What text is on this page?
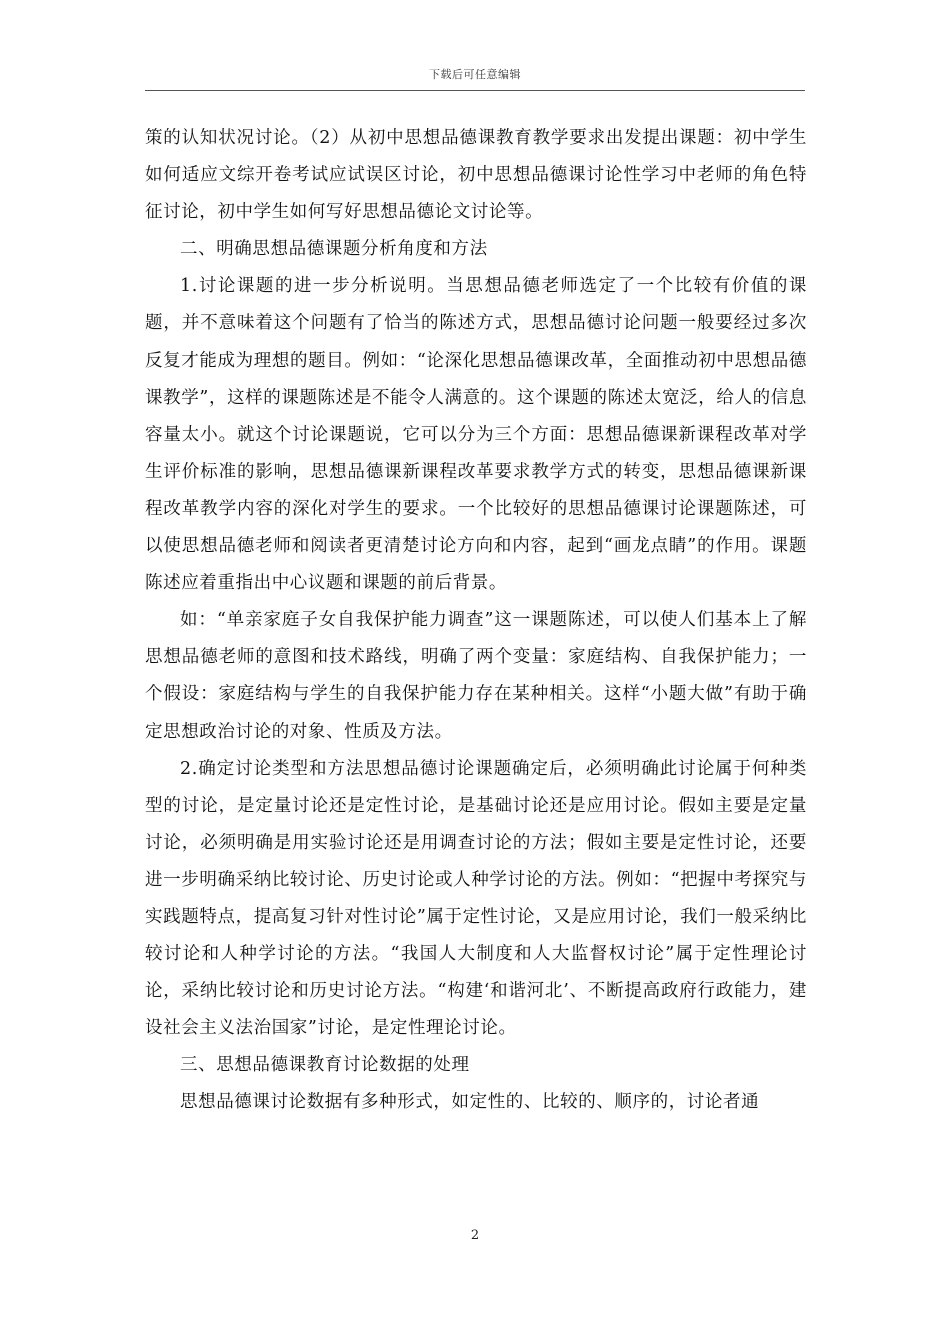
下载后可任意编辑

策的认知状况讨论。（2）从初中思想品德课教育教学要求出发提出课题：初中学生如何适应文综开卷考试应试误区讨论，初中思想品德课讨论性学习中老师的角色特征讨论，初中学生如何写好思想品德论文讨论等。

二、明确思想品德课题分析角度和方法

1.讨论课题的进一步分析说明。当思想品德老师选定了一个比较有价值的课题，并不意味着这个问题有了恰当的陈述方式，思想品德讨论问题一般要经过多次反复才能成为理想的题目。例如：“论深化思想品德课改革，全面推动初中思想品德课教学”，这样的课题陈述是不能令人满意的。这个课题的陈述太宽泛，给人的信息容量太小。就这个讨论课题说，它可以分为三个方面：思想品德课新课程改革对学生评价标准的影响，思想品德课新课程改革要求教学方式的转变，思想品德课新课程改革教学内容的深化对学生的要求。一个比较好的思想品德课讨论课题陈述，可以使思想品德老师和阅读者更清楚讨论方向和内容，起到“画龙点睛”的作用。课题陈述应着重指出中心议题和课题的前后背景。

如：“单亲家庭子女自我保护能力调查”这一课题陈述，可以使人们基本上了解思想品德老师的意图和技术路线，明确了两个变量：家庭结构、自我保护能力；一个假设：家庭结构与学生的自我保护能力存在某种相关。这样“小题大做”有助于确定思想政治讨论的对象、性质及方法。

2.确定讨论类型和方法思想品德讨论课题确定后，必须明确此讨论属于何种类型的讨论，是定量讨论还是定性讨论，是基础讨论还是应用讨论。假如主要是定量讨论，必须明确是用实验讨论还是用调查讨论的方法；假如主要是定性讨论，还要进一步明确采纳比较讨论、历史讨论或人种学讨论的方法。例如：“把握中考探究与实践题特点，提高复习针对性讨论”属于定性讨论，又是应用讨论，我们一般采纳比较讨论和人种学讨论的方法。“我国人大制度和人大监督权讨论”属于定性理论讨论，采纳比较讨论和历史讨论方法。“构建‘和谐河北’、不断提高政府行政能力，建设社会主义法治国家”讨论，是定性理论讨论。

三、思想品德课教育讨论数据的处理

思想品德课讨论数据有多种形式，如定性的、比较的、顺序的，讨论者通

2
